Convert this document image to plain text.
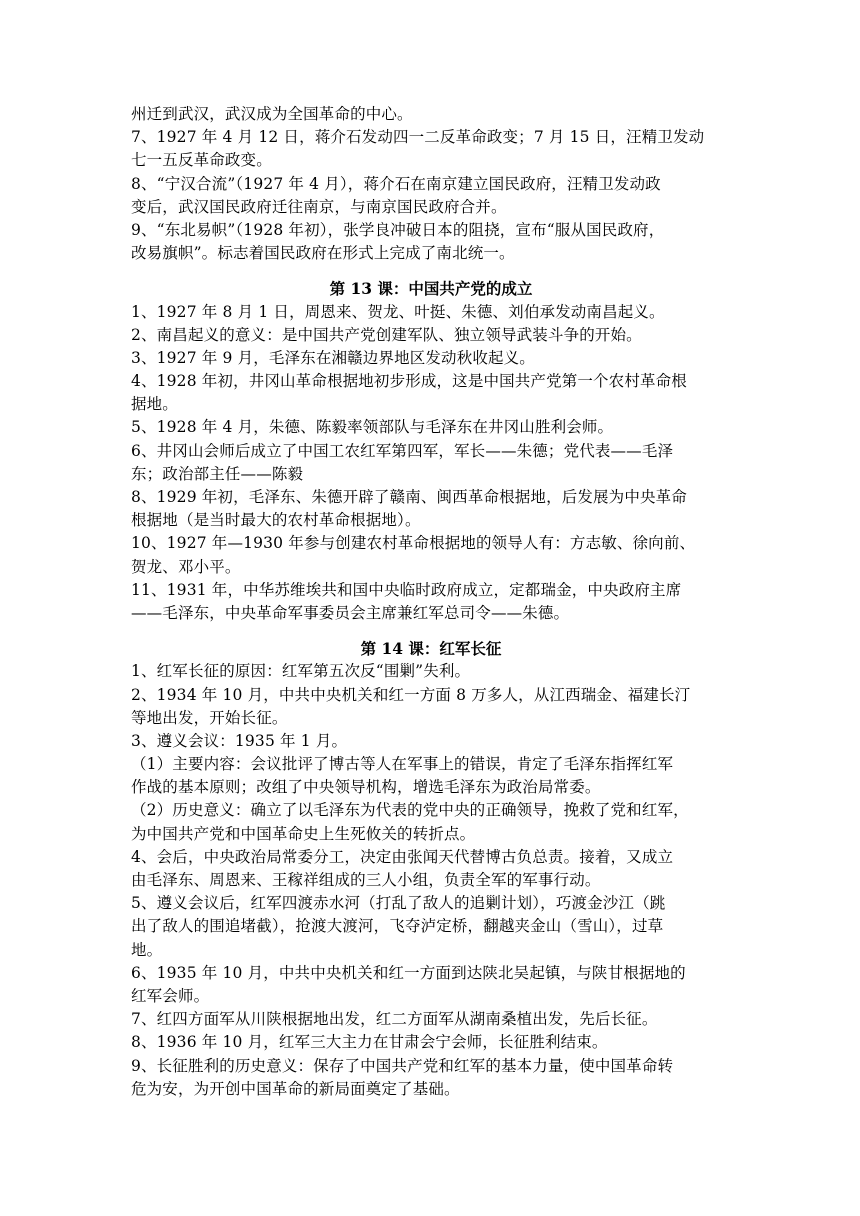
州迁到武汉，武汉成为全国革命的中心。
7、1927 年 4 月 12 日，蒋介石发动四一二反革命政变；7 月 15 日，汪精卫发动
七一五反革命政变。
8、“宁汉合流”（1927 年 4 月），蒋介石在南京建立国民政府，汪精卫发动政
变后，武汉国民政府迁往南京，与南京国民政府合并。
9、“东北易帜”（1928 年初），张学良冲破日本的阻挠，宣布“服从国民政府，
改易旗帜”。标志着国民政府在形式上完成了南北统一。
第 13 课：中国共产党的成立
1、1927 年 8 月 1 日，周恩来、贺龙、叶挺、朱德、刘伯承发动南昌起义。
2、南昌起义的意义：是中国共产党创建军队、独立领导武装斗争的开始。
3、1927 年 9 月，毛泽东在湘赣边界地区发动秋收起义。
4、1928 年初，井冈山革命根据地初步形成，这是中国共产党第一个农村革命根
据地。
5、1928 年 4 月，朱德、陈毅率领部队与毛泽东在井冈山胜利会师。
6、井冈山会师后成立了中国工农红军第四军，军长——朱德；党代表——毛泽
东；政治部主任——陈毅
8、1929 年初，毛泽东、朱德开辟了赣南、闽西革命根据地，后发展为中央革命
根据地（是当时最大的农村革命根据地）。
10、1927 年—1930 年参与创建农村革命根据地的领导人有：方志敏、徐向前、
贺龙、邓小平。
11、1931 年，中华苏维埃共和国中央临时政府成立，定都瑞金，中央政府主席
——毛泽东，中央革命军事委员会主席兼红军总司令——朱德。
第 14 课：红军长征
1、红军长征的原因：红军第五次反“围剿”失利。
2、1934 年 10 月，中共中央机关和红一方面 8 万多人，从江西瑞金、福建长汀
等地出发，开始长征。
3、遵义会议：1935 年 1 月。
（1）主要内容：会议批评了博古等人在军事上的错误，肯定了毛泽东指挥红军
作战的基本原则；改组了中央领导机构，增选毛泽东为政治局常委。
（2）历史意义：确立了以毛泽东为代表的党中央的正确领导，挽救了党和红军，
为中国共产党和中国革命史上生死攸关的转折点。
4、会后，中央政治局常委分工，决定由张闻天代替博古负总责。接着，又成立
由毛泽东、周恩来、王稼祥组成的三人小组，负责全军的军事行动。
5、遵义会议后，红军四渡赤水河（打乱了敌人的追剿计划），巧渡金沙江（跳
出了敌人的围追堵截），抢渡大渡河，飞夺泸定桥，翻越夹金山（雪山），过草
地。
6、1935 年 10 月，中共中央机关和红一方面到达陕北吴起镇，与陕甘根据地的
红军会师。
7、红四方面军从川陕根据地出发，红二方面军从湖南桑植出发，先后长征。
8、1936 年 10 月，红军三大主力在甘肃会宁会师，长征胜利结束。
9、长征胜利的历史意义：保存了中国共产党和红军的基本力量，使中国革命转
危为安，为开创中国革命的新局面奠定了基础。
